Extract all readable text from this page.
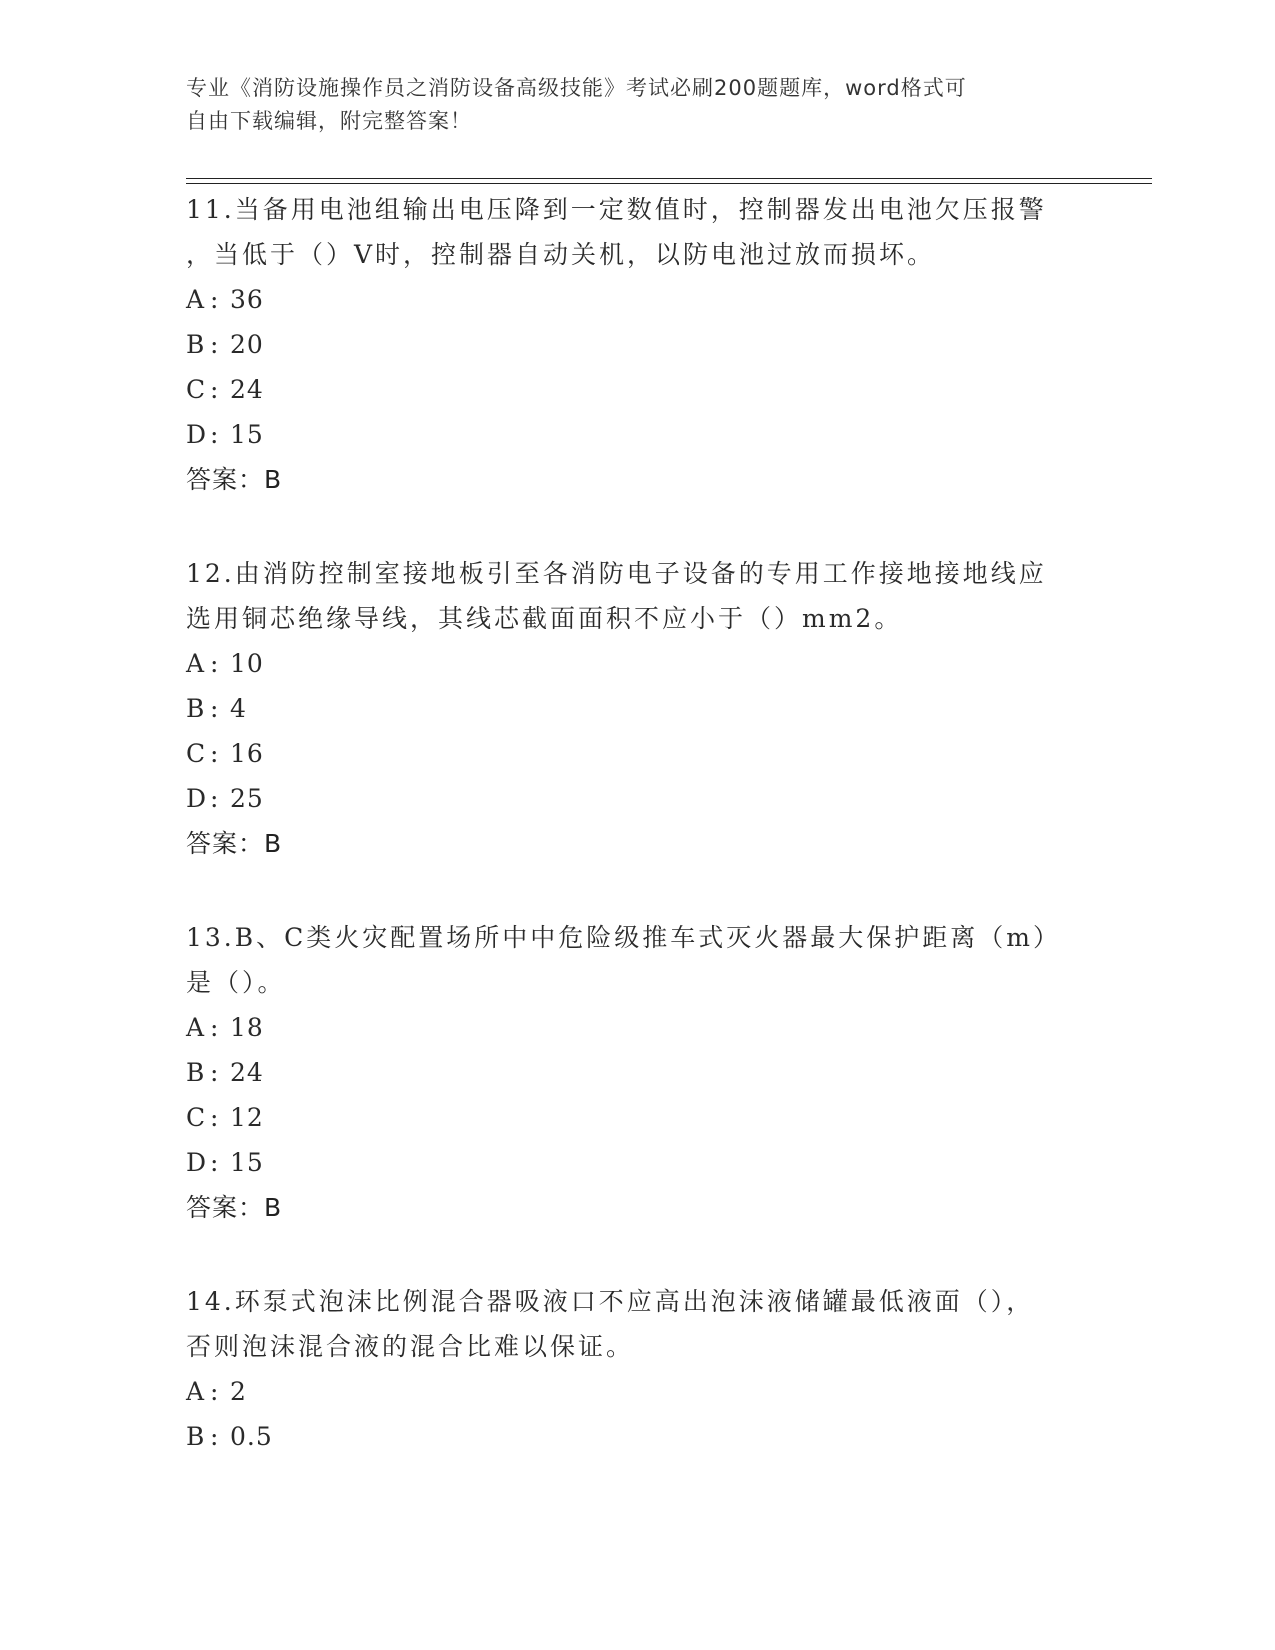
专业《消防设施操作员之消防设备高级技能》考试必刷200题题库，word格式可
自由下载编辑，附完整答案！
11.当备用电池组输出电压降到一定数值时，控制器发出电池欠压报警
，当低于（）V时，控制器自动关机，以防电池过放而损坏。
A : 36
B : 20
C : 24
D : 15
答案：B
12.由消防控制室接地板引至各消防电子设备的专用工作接地接地线应
选用铜芯绝缘导线，其线芯截面面积不应小于（）mm2。
A : 10
B : 4
C : 16
D : 25
答案：B
13.B、C类火灾配置场所中中危险级推车式灭火器最大保护距离（m）
是（）。
A : 18
B : 24
C : 12
D : 15
答案：B
14.环泵式泡沫比例混合器吸液口不应高出泡沫液储罐最低液面（），
否则泡沫混合液的混合比难以保证。
A : 2
B : 0.5
